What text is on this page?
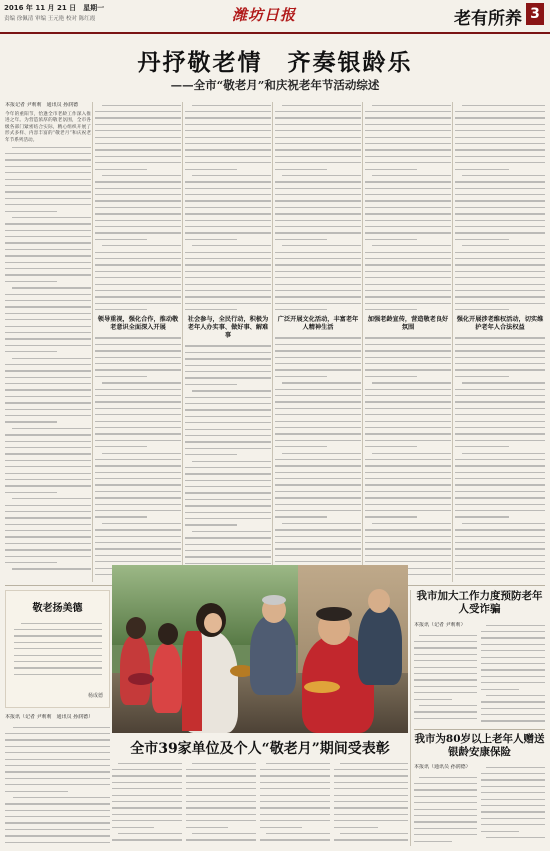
2016 年 11 月 21 日　星期一
责编 徐佩清 审编 王元艳 校对 陈红霞	潍坊日报	老有所养 3
丹抒敬老情　齐奏银龄乐
——全市“敬老月”和庆祝老年节活动综述
本报记者 尹莉莉　通讯员 孙润德
今年的重阳节，恰逢全市老龄工作深入推进之年。为营造浓厚的敬老氛围，全市各级各部门紧密结合实际，精心组织开展了形式多样、内容丰富的“敬老月”和庆祝老年节系列活动。
领导重视，强化合作，推动敬老意识全面深入开展
社会参与，全民行动，积极为老年人办实事、做好事、解难事
广泛开展文化活动，丰富老年人精神生活
加强老龄宣传，营造敬老良好氛围
强化开展涉老维权活动，切实维护老年人合法权益
敬老扬美德
杨成德
本报讯（记者 尹莉莉　通讯员 孙润德）
全市39家单位及个人“敬老月”期间受表彰
我市加大工作力度预防老年人受诈骗
本报讯（记者 尹莉莉）
我市为80岁以上老年人赠送银龄安康保险
本报讯（通讯员 孙润德）
